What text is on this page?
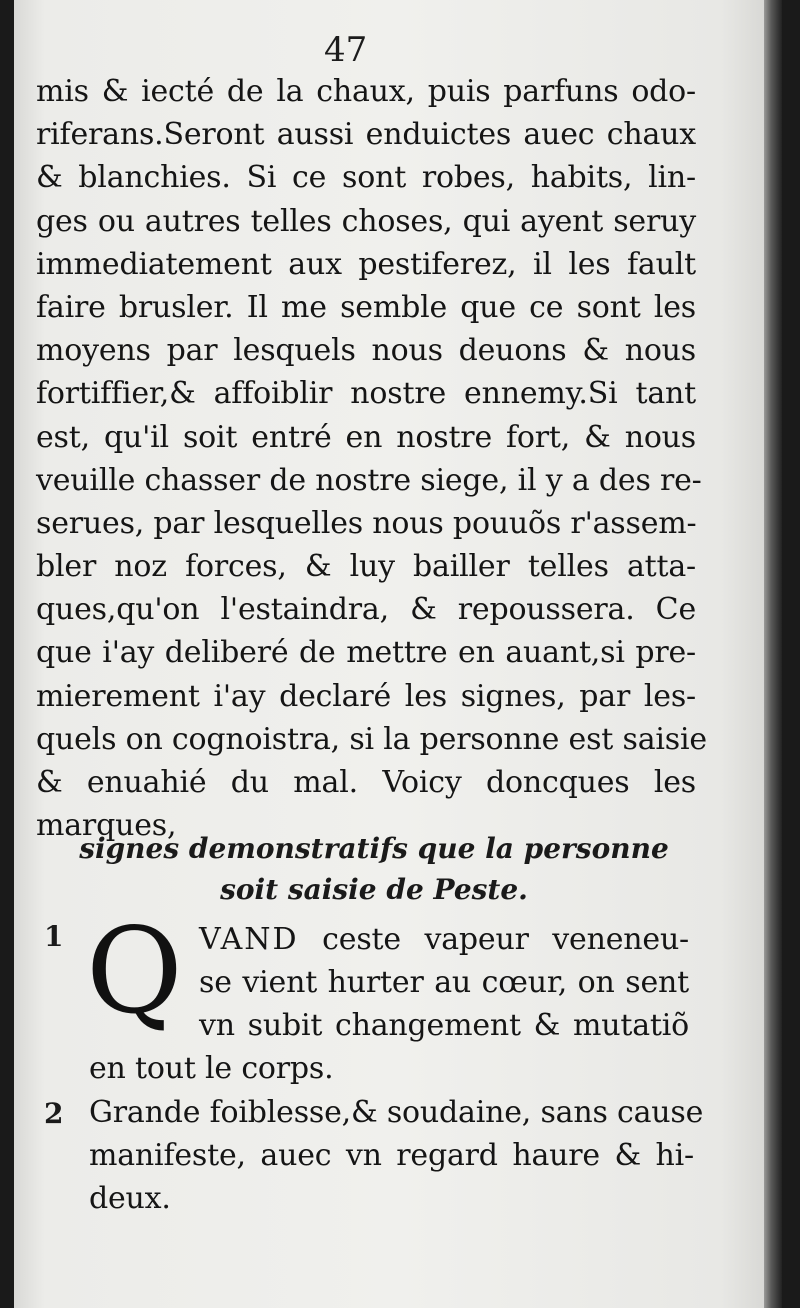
47
mis & iecté de la chaux, puis parfuns odo-
riferans.Seront aussi enduictes auec chaux
& blanchies. Si ce sont robes, habits, lin-
ges ou autres telles choses, qui ayent seruy
immediatement aux pestiferez, il les fault
faire brusler. Il me semble que ce sont les
moyens par lesquels nous deuons & nous
fortiffier,& affoiblir nostre ennemy.Si tant
est, qu'il soit entré en nostre fort, & nous
veuille chasser de nostre siege, il y a des re-
serues, par lesquelles nous pouuõs r'assem-
bler noz forces, & luy bailler telles atta-
ques,qu'on l'estaindra, & repoussera. Ce
que i'ay deliberé de mettre en auant,si pre-
mierement i'ay declaré les signes, par les-
quels on cognoistra, si la personne est saisie
& enuahié du mal. Voicy doncques les
marques,
signes demonstratifs que la personne
soit saisie de Peste.
1 Q VAND ceste vapeur veneneu-
se vient hurter au cœur, on sent
vn subit changement & mutatiõ
en tout le corps.
2 Grande foiblesse,& soudaine, sans cause
manifeste, auec vn regard haure & hi-
deux.
